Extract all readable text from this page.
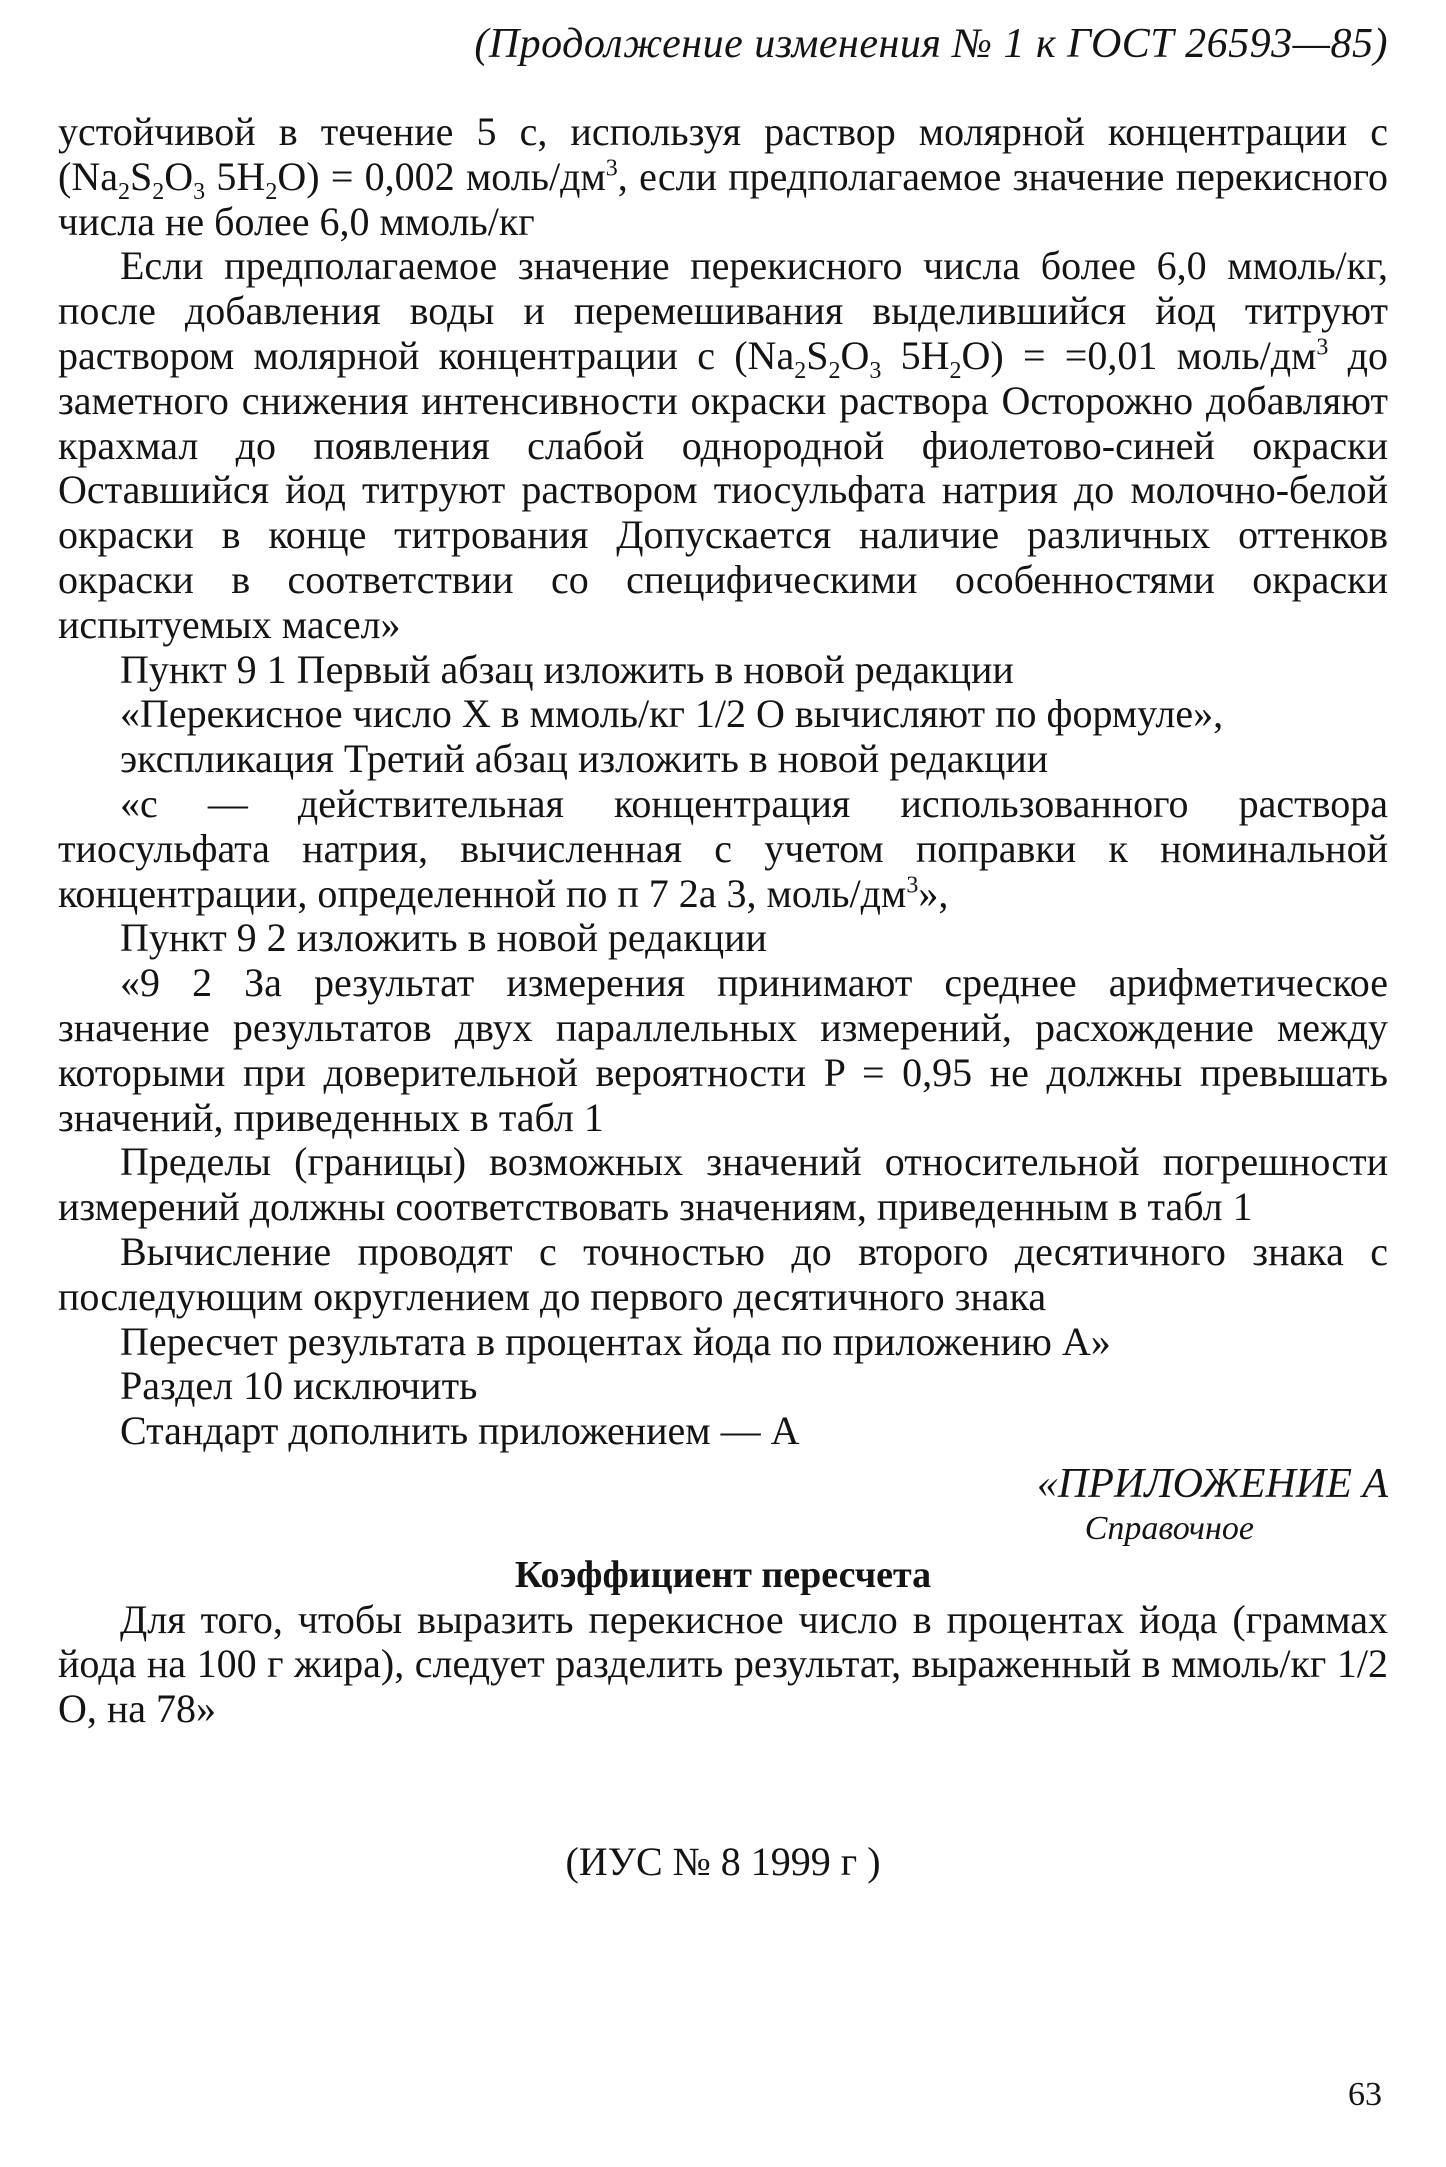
(Продолжение изменения № 1 к ГОСТ 26593—85)

устойчивой в течение 5 с, используя раствор молярной концентрации c ($Na_2S_2O_3$ $5H_2O) = 0,002$ моль/$дм^3$, если предполагаемое значение перекисного числа не более 6,0 ммоль/кг

Если предполагаемое значение перекисного числа более 6,0 ммоль/кг, после добавления воды и перемешивания выделившийся йод титруют раствором молярной концентрации c ($Na_2S_2O_3$ $5H_2O) = =0,01$ моль/$дм^3$ до заметного снижения интенсивности окраски раствора Осторожно добавляют крахмал до появления слабой однородной фиолетово-синей окраски Оставшийся йод титруют раствором тиосульфата натрия до молочно-белой окраски в конце титрования Допускается наличие различных оттенков окраски в соответствии со специфическими особенностями окраски испытуемых масел»

Пункт 9 1 Первый абзац изложить в новой редакции

«Перекисное число X в ммоль/кг 1/2 О вычисляют по формуле»,

экспликация Третий абзац изложить в новой редакции

«c — действительная концентрация использованного раствора тиосульфата натрия, вычисленная с учетом поправки к номинальной концентрации, определенной по п 7 2а 3, моль/$дм^3$»,

Пункт 9 2 изложить в новой редакции

«9 2 За результат измерения принимают среднее арифметическое значение результатов двух параллельных измерений, расхождение между которыми при доверительной вероятности P = 0,95 не должны превышать значений, приведенных в табл 1

Пределы (границы) возможных значений относительной погрешности измерений должны соответствовать значениям, приведенным в табл 1

Вычисление проводят с точностью до второго десятичного знака с последующим округлением до первого десятичного знака

Пересчет результата в процентах йода по приложению А»

Раздел 10 исключить

Стандарт дополнить приложением — А

«ПРИЛОЖЕНИЕ А

Справочное

Коэффициент пересчета

Для того, чтобы выразить перекисное число в процентах йода (граммах йода на 100 г жира), следует разделить результат, выраженный в ммоль/кг 1/2 О, на 78»

(ИУС № 8 1999 г )
63
